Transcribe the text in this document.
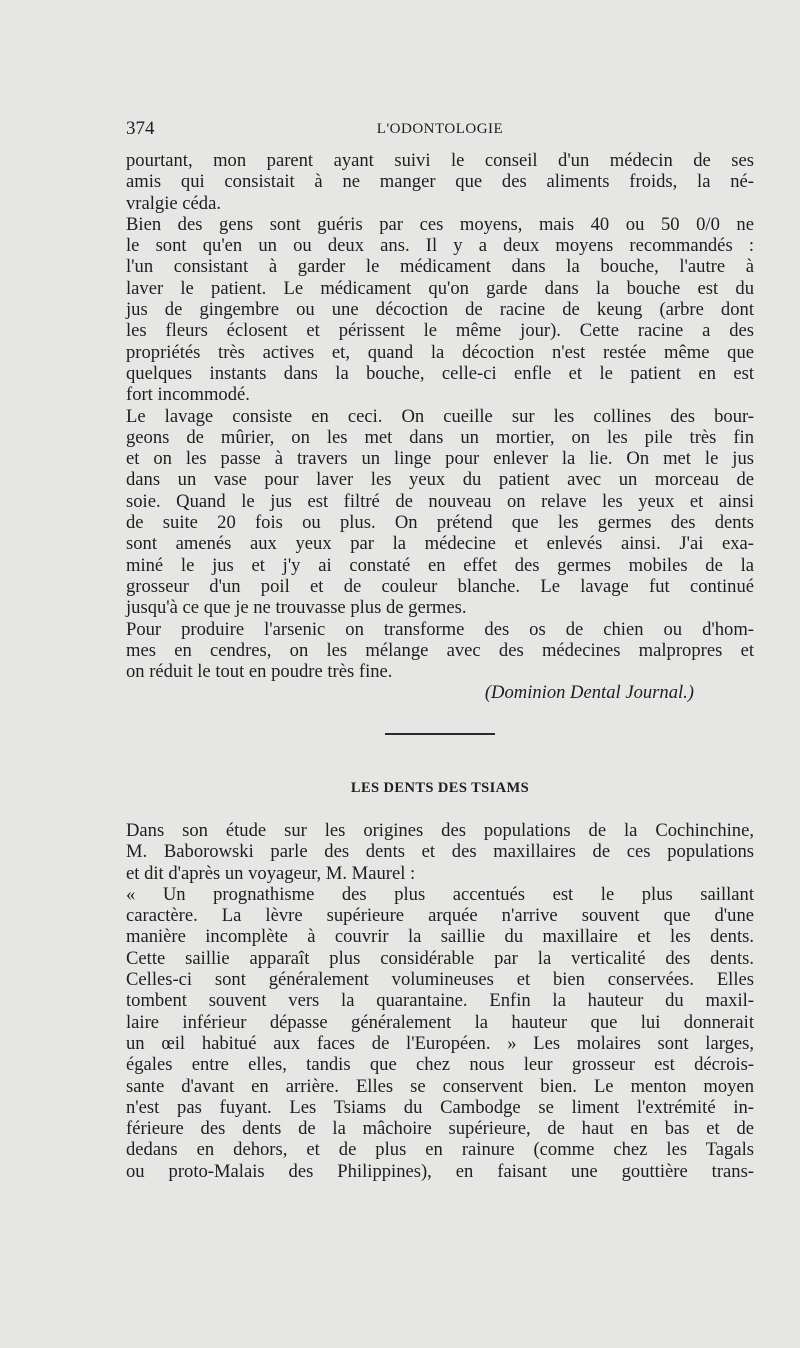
374	L'ODONTOLOGIE
pourtant, mon parent ayant suivi le conseil d'un médecin de ses
amis qui consistait à ne manger que des aliments froids, la né-
vralgie céda.
Bien des gens sont guéris par ces moyens, mais 40 ou 50 0/0 ne
le sont qu'en un ou deux ans. Il y a deux moyens recommandés :
l'un consistant à garder le médicament dans la bouche, l'autre à
laver le patient. Le médicament qu'on garde dans la bouche est du
jus de gingembre ou une décoction de racine de keung (arbre dont
les fleurs éclosent et périssent le même jour). Cette racine a des
propriétés très actives et, quand la décoction n'est restée même que
quelques instants dans la bouche, celle-ci enfle et le patient en est
fort incommodé.
Le lavage consiste en ceci. On cueille sur les collines des bour-
geons de mûrier, on les met dans un mortier, on les pile très fin
et on les passe à travers un linge pour enlever la lie. On met le jus
dans un vase pour laver les yeux du patient avec un morceau de
soie. Quand le jus est filtré de nouveau on relave les yeux et ainsi
de suite 20 fois ou plus. On prétend que les germes des dents
sont amenés aux yeux par la médecine et enlevés ainsi. J'ai exa-
miné le jus et j'y ai constaté en effet des germes mobiles de la
grosseur d'un poil et de couleur blanche. Le lavage fut continué
jusqu'à ce que je ne trouvasse plus de germes.
Pour produire l'arsenic on transforme des os de chien ou d'hom-
mes en cendres, on les mélange avec des médecines malpropres et
on réduit le tout en poudre très fine.
(Dominion Dental Journal.)
LES DENTS DES TSIAMS
Dans son étude sur les origines des populations de la Cochinchine,
M. Baborowski parle des dents et des maxillaires de ces populations
et dit d'après un voyageur, M. Maurel :
« Un prognathisme des plus accentués est le plus saillant
caractère. La lèvre supérieure arquée n'arrive souvent que d'une
manière incomplète à couvrir la saillie du maxillaire et les dents.
Cette saillie apparaît plus considérable par la verticalité des dents.
Celles-ci sont généralement volumineuses et bien conservées. Elles
tombent souvent vers la quarantaine. Enfin la hauteur du maxil-
laire inférieur dépasse généralement la hauteur que lui donnerait
un œil habitué aux faces de l'Européen. » Les molaires sont larges,
égales entre elles, tandis que chez nous leur grosseur est décrois-
sante d'avant en arrière. Elles se conservent bien. Le menton moyen
n'est pas fuyant. Les Tsiams du Cambodge se liment l'extrémité in-
férieure des dents de la mâchoire supérieure, de haut en bas et de
dedans en dehors, et de plus en rainure (comme chez les Tagals
ou proto-Malais des Philippines), en faisant une gouttière trans-
